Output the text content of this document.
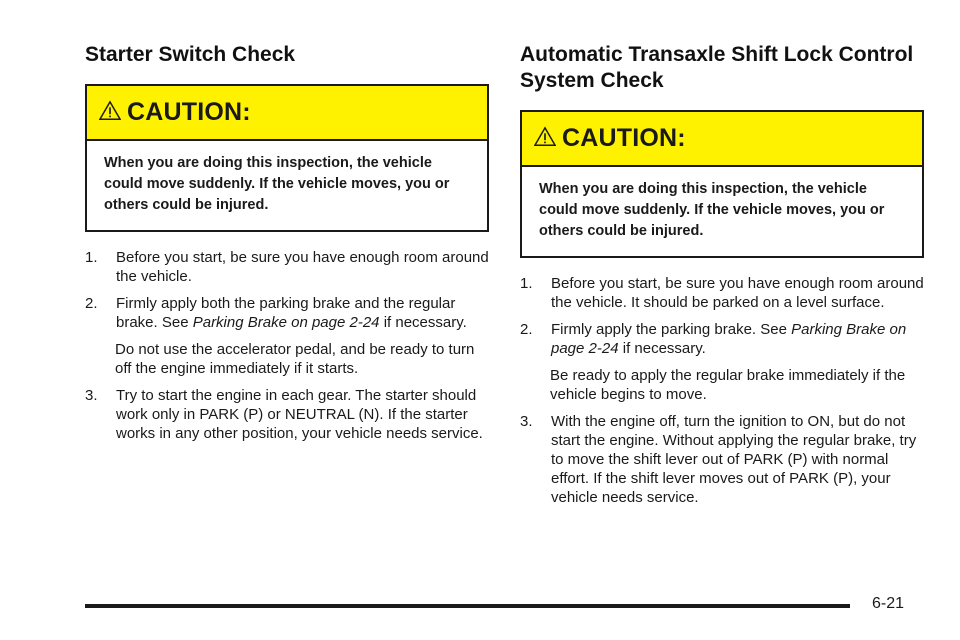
Starter Switch Check
CAUTION:
When you are doing this inspection, the vehicle could move suddenly. If the vehicle moves, you or others could be injured.
1. Before you start, be sure you have enough room around the vehicle.
2. Firmly apply both the parking brake and the regular brake. See Parking Brake on page 2-24 if necessary.

Do not use the accelerator pedal, and be ready to turn off the engine immediately if it starts.

3. Try to start the engine in each gear. The starter should work only in PARK (P) or NEUTRAL (N). If the starter works in any other position, your vehicle needs service.
Automatic Transaxle Shift Lock Control System Check
CAUTION:
When you are doing this inspection, the vehicle could move suddenly. If the vehicle moves, you or others could be injured.
1. Before you start, be sure you have enough room around the vehicle. It should be parked on a level surface.
2. Firmly apply the parking brake. See Parking Brake on page 2-24 if necessary.

Be ready to apply the regular brake immediately if the vehicle begins to move.

3. With the engine off, turn the ignition to ON, but do not start the engine. Without applying the regular brake, try to move the shift lever out of PARK (P) with normal effort. If the shift lever moves out of PARK (P), your vehicle needs service.
6-21
